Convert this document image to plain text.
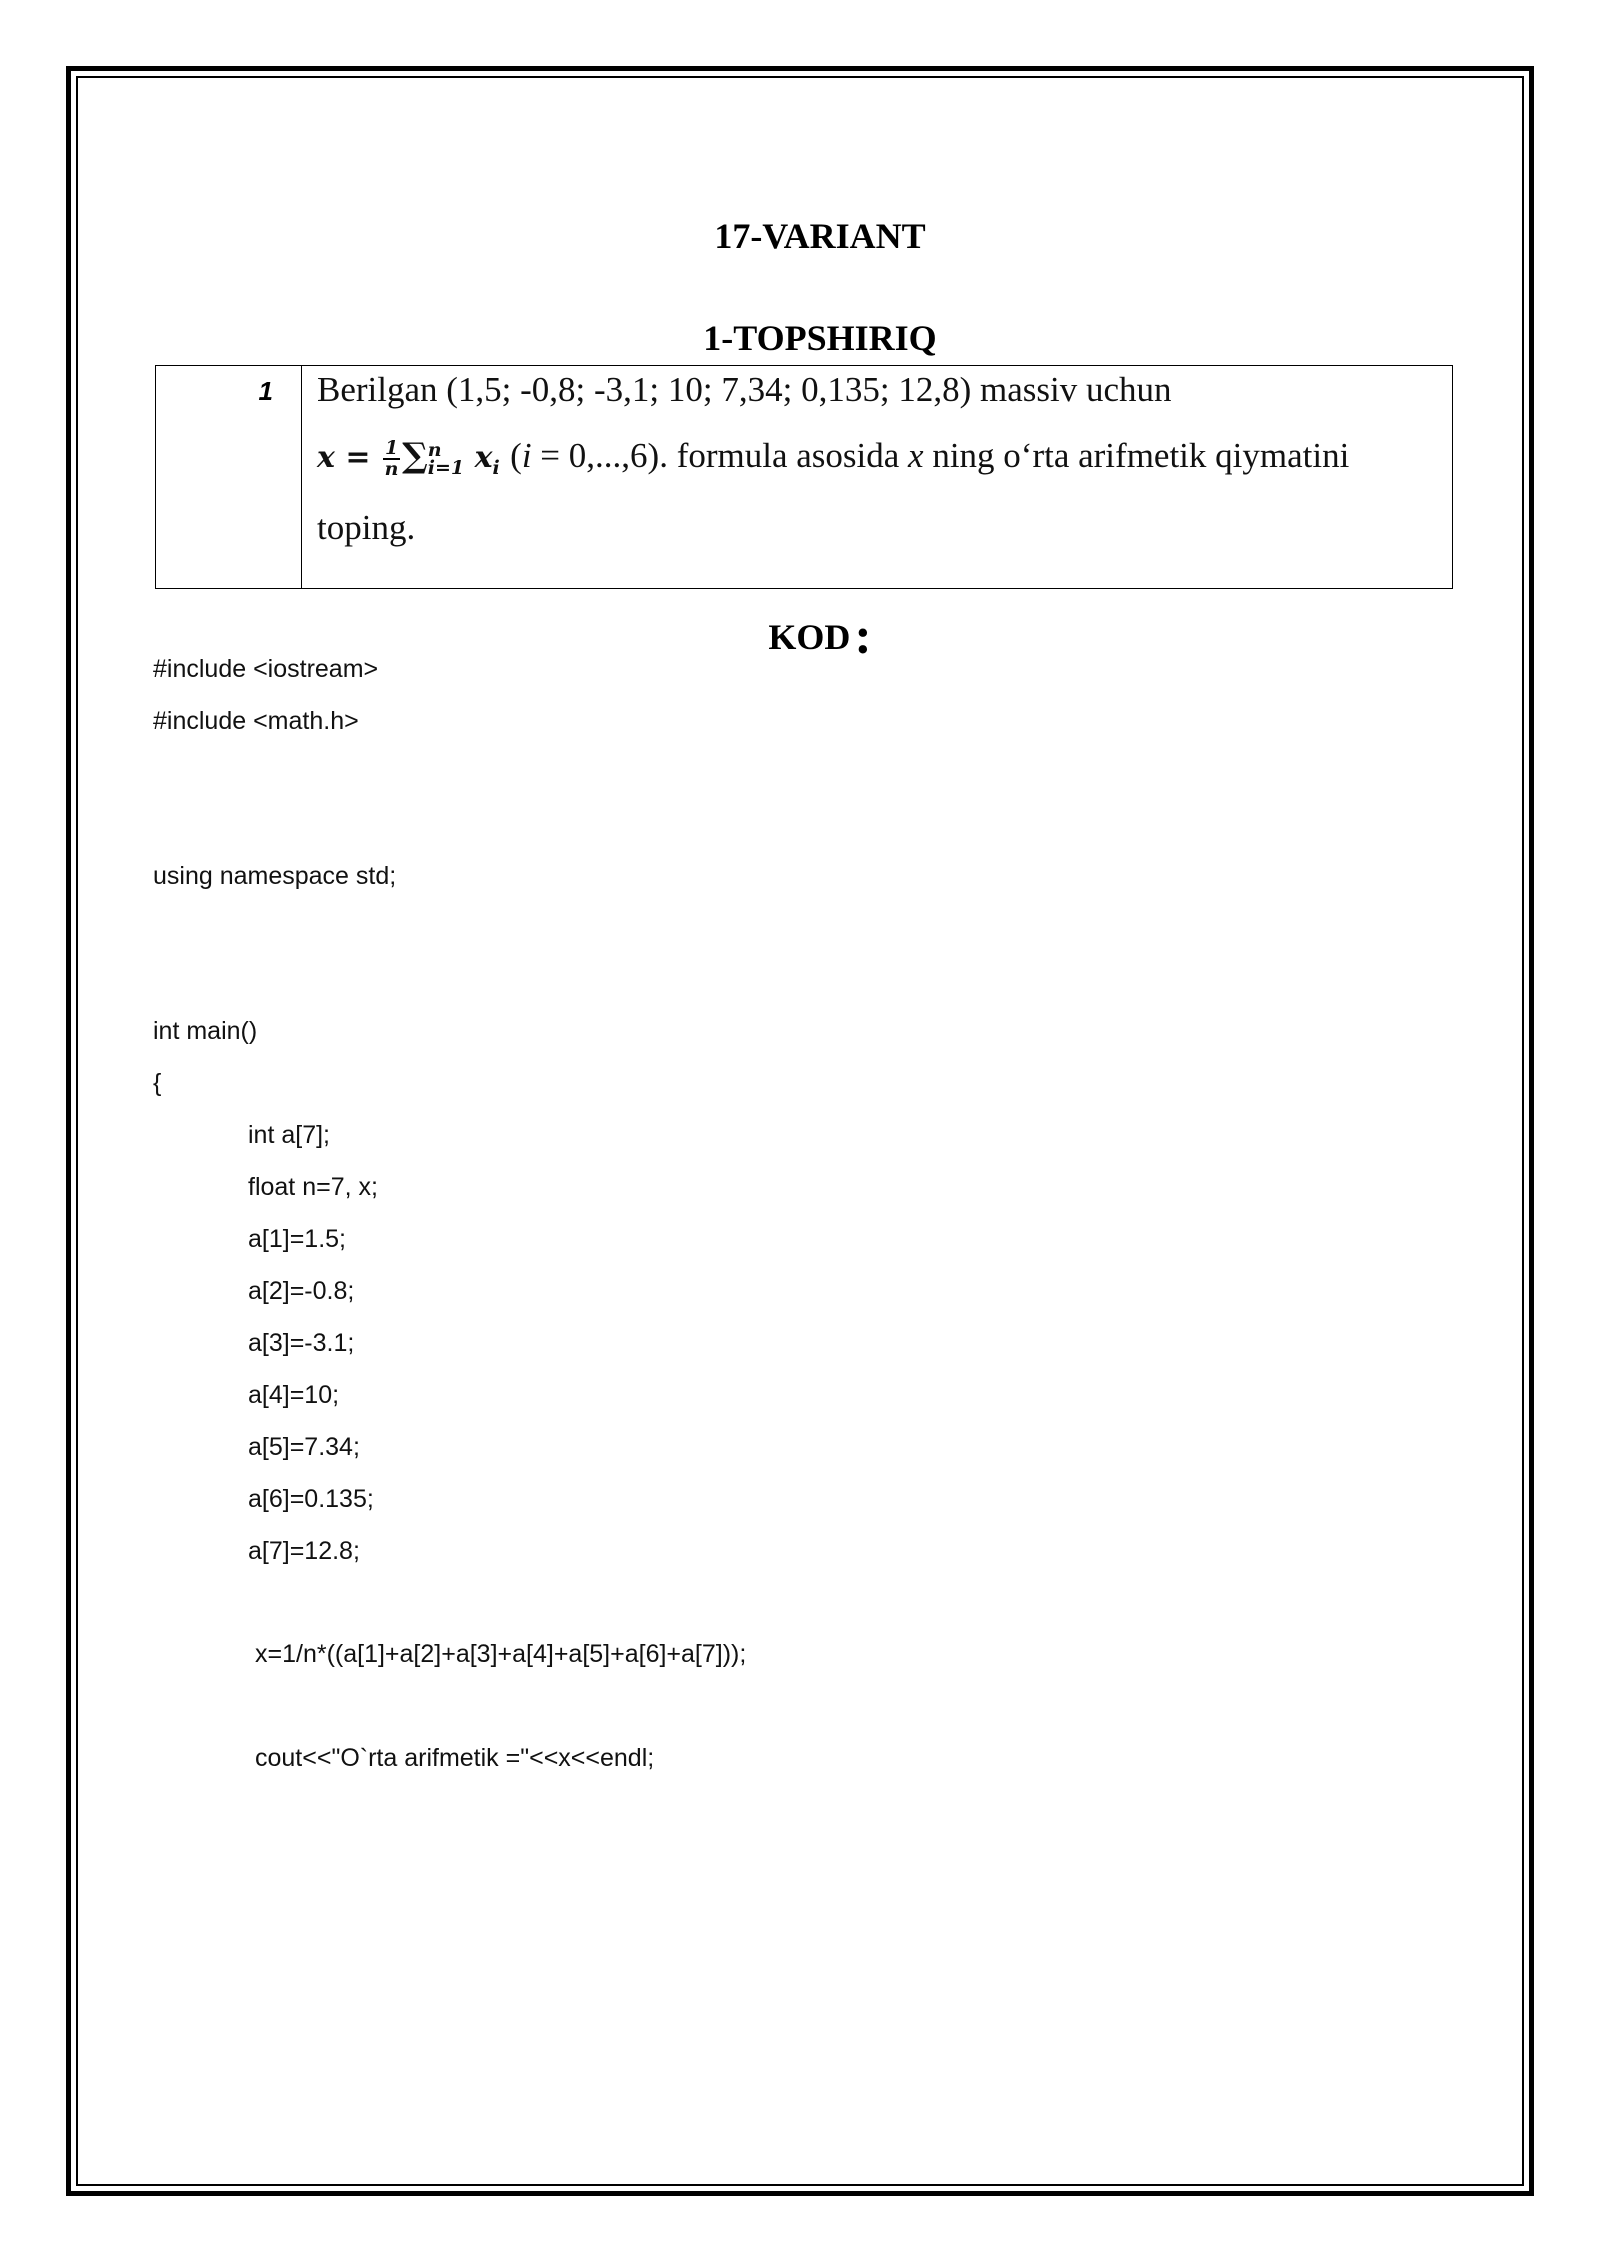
17-VARIANT
1-TOPSHIRIQ
1	Berilgan (1,5; -0,8; -3,1; 10; 7,34; 0,135; 12,8) massiv uchun
$x = \frac{1}{n}$ ∑ n
i=1 $x_i$ (i = 0,...,6). formula asosida x ning o‘rta arifmetik qiymatini
toping.
KOD:
#include <iostream>
#include <math.h>
using namespace std;
int main()
{
int a[7];
float n=7, x;
a[1]=1.5;
a[2]=-0.8;
a[3]=-3.1;
a[4]=10;
a[5]=7.34;
a[6]=0.135;
a[7]=12.8;
x=1/n*((a[1]+a[2]+a[3]+a[4]+a[5]+a[6]+a[7]));
cout<<"O`rta arifmetik ="<<x<<endl;
